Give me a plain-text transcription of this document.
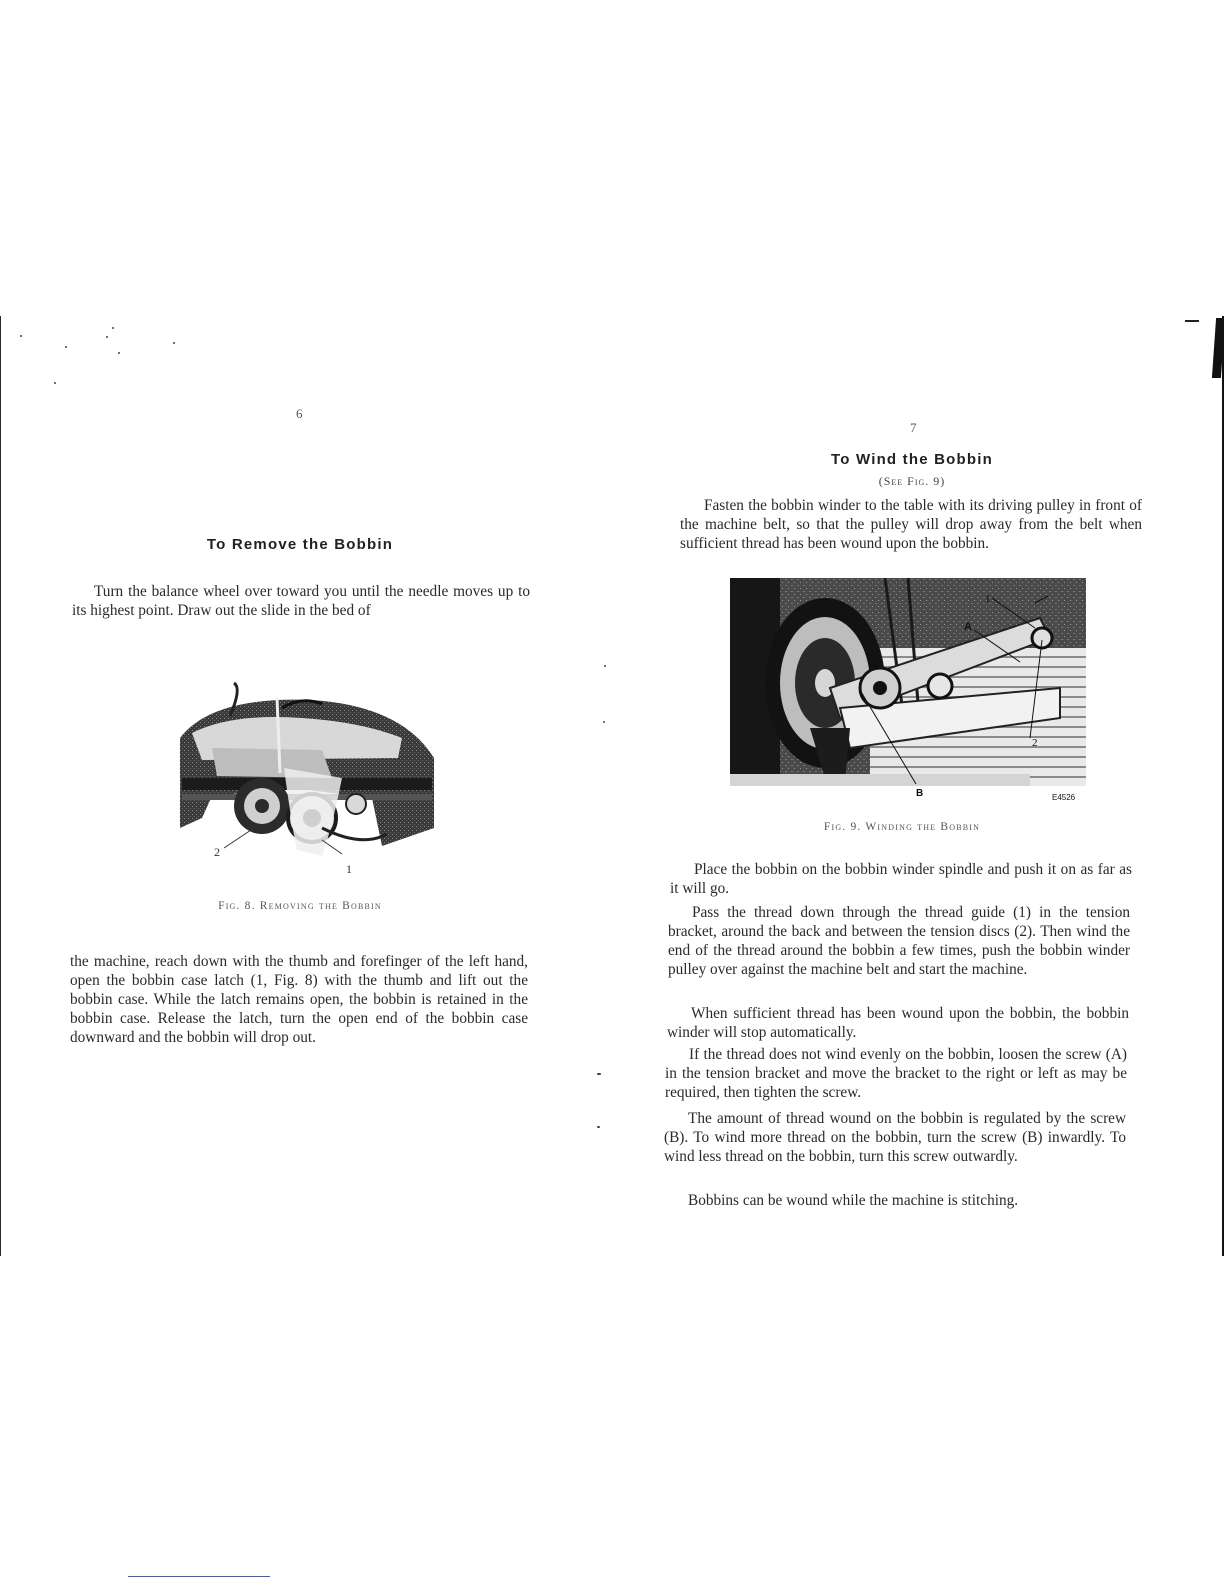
6
To Remove the Bobbin

Turn the balance wheel over toward you until the needle moves up to its highest point. Draw out the slide in the bed of

2
1
Fig. 8. Removing the Bobbin

the machine, reach down with the thumb and forefinger of the left hand, open the bobbin case latch (1, Fig. 8) with the thumb and lift out the bobbin case. While the latch remains open, the bobbin is retained in the bobbin case. Release the latch, turn the open end of the bobbin case downward and the bobbin will drop out.

7
To Wind the Bobbin
(See Fig. 9)

Fasten the bobbin winder to the table with its driving pulley in front of the machine belt, so that the pulley will drop away from the belt when sufficient thread has been wound upon the bobbin.

1
A
2
B	E4526
Fig. 9. Winding the Bobbin

Place the bobbin on the bobbin winder spindle and push it on as far as it will go.

Pass the thread down through the thread guide (1) in the tension bracket, around the back and between the tension discs (2). Then wind the end of the thread around the bobbin a few times, push the bobbin winder pulley over against the machine belt and start the machine.

When sufficient thread has been wound upon the bobbin, the bobbin winder will stop automatically.

If the thread does not wind evenly on the bobbin, loosen the screw (A) in the tension bracket and move the bracket to the right or left as may be required, then tighten the screw.

The amount of thread wound on the bobbin is regulated by the screw (B). To wind more thread on the bobbin, turn the screw (B) inwardly. To wind less thread on the bobbin, turn this screw outwardly.

Bobbins can be wound while the machine is stitching.
